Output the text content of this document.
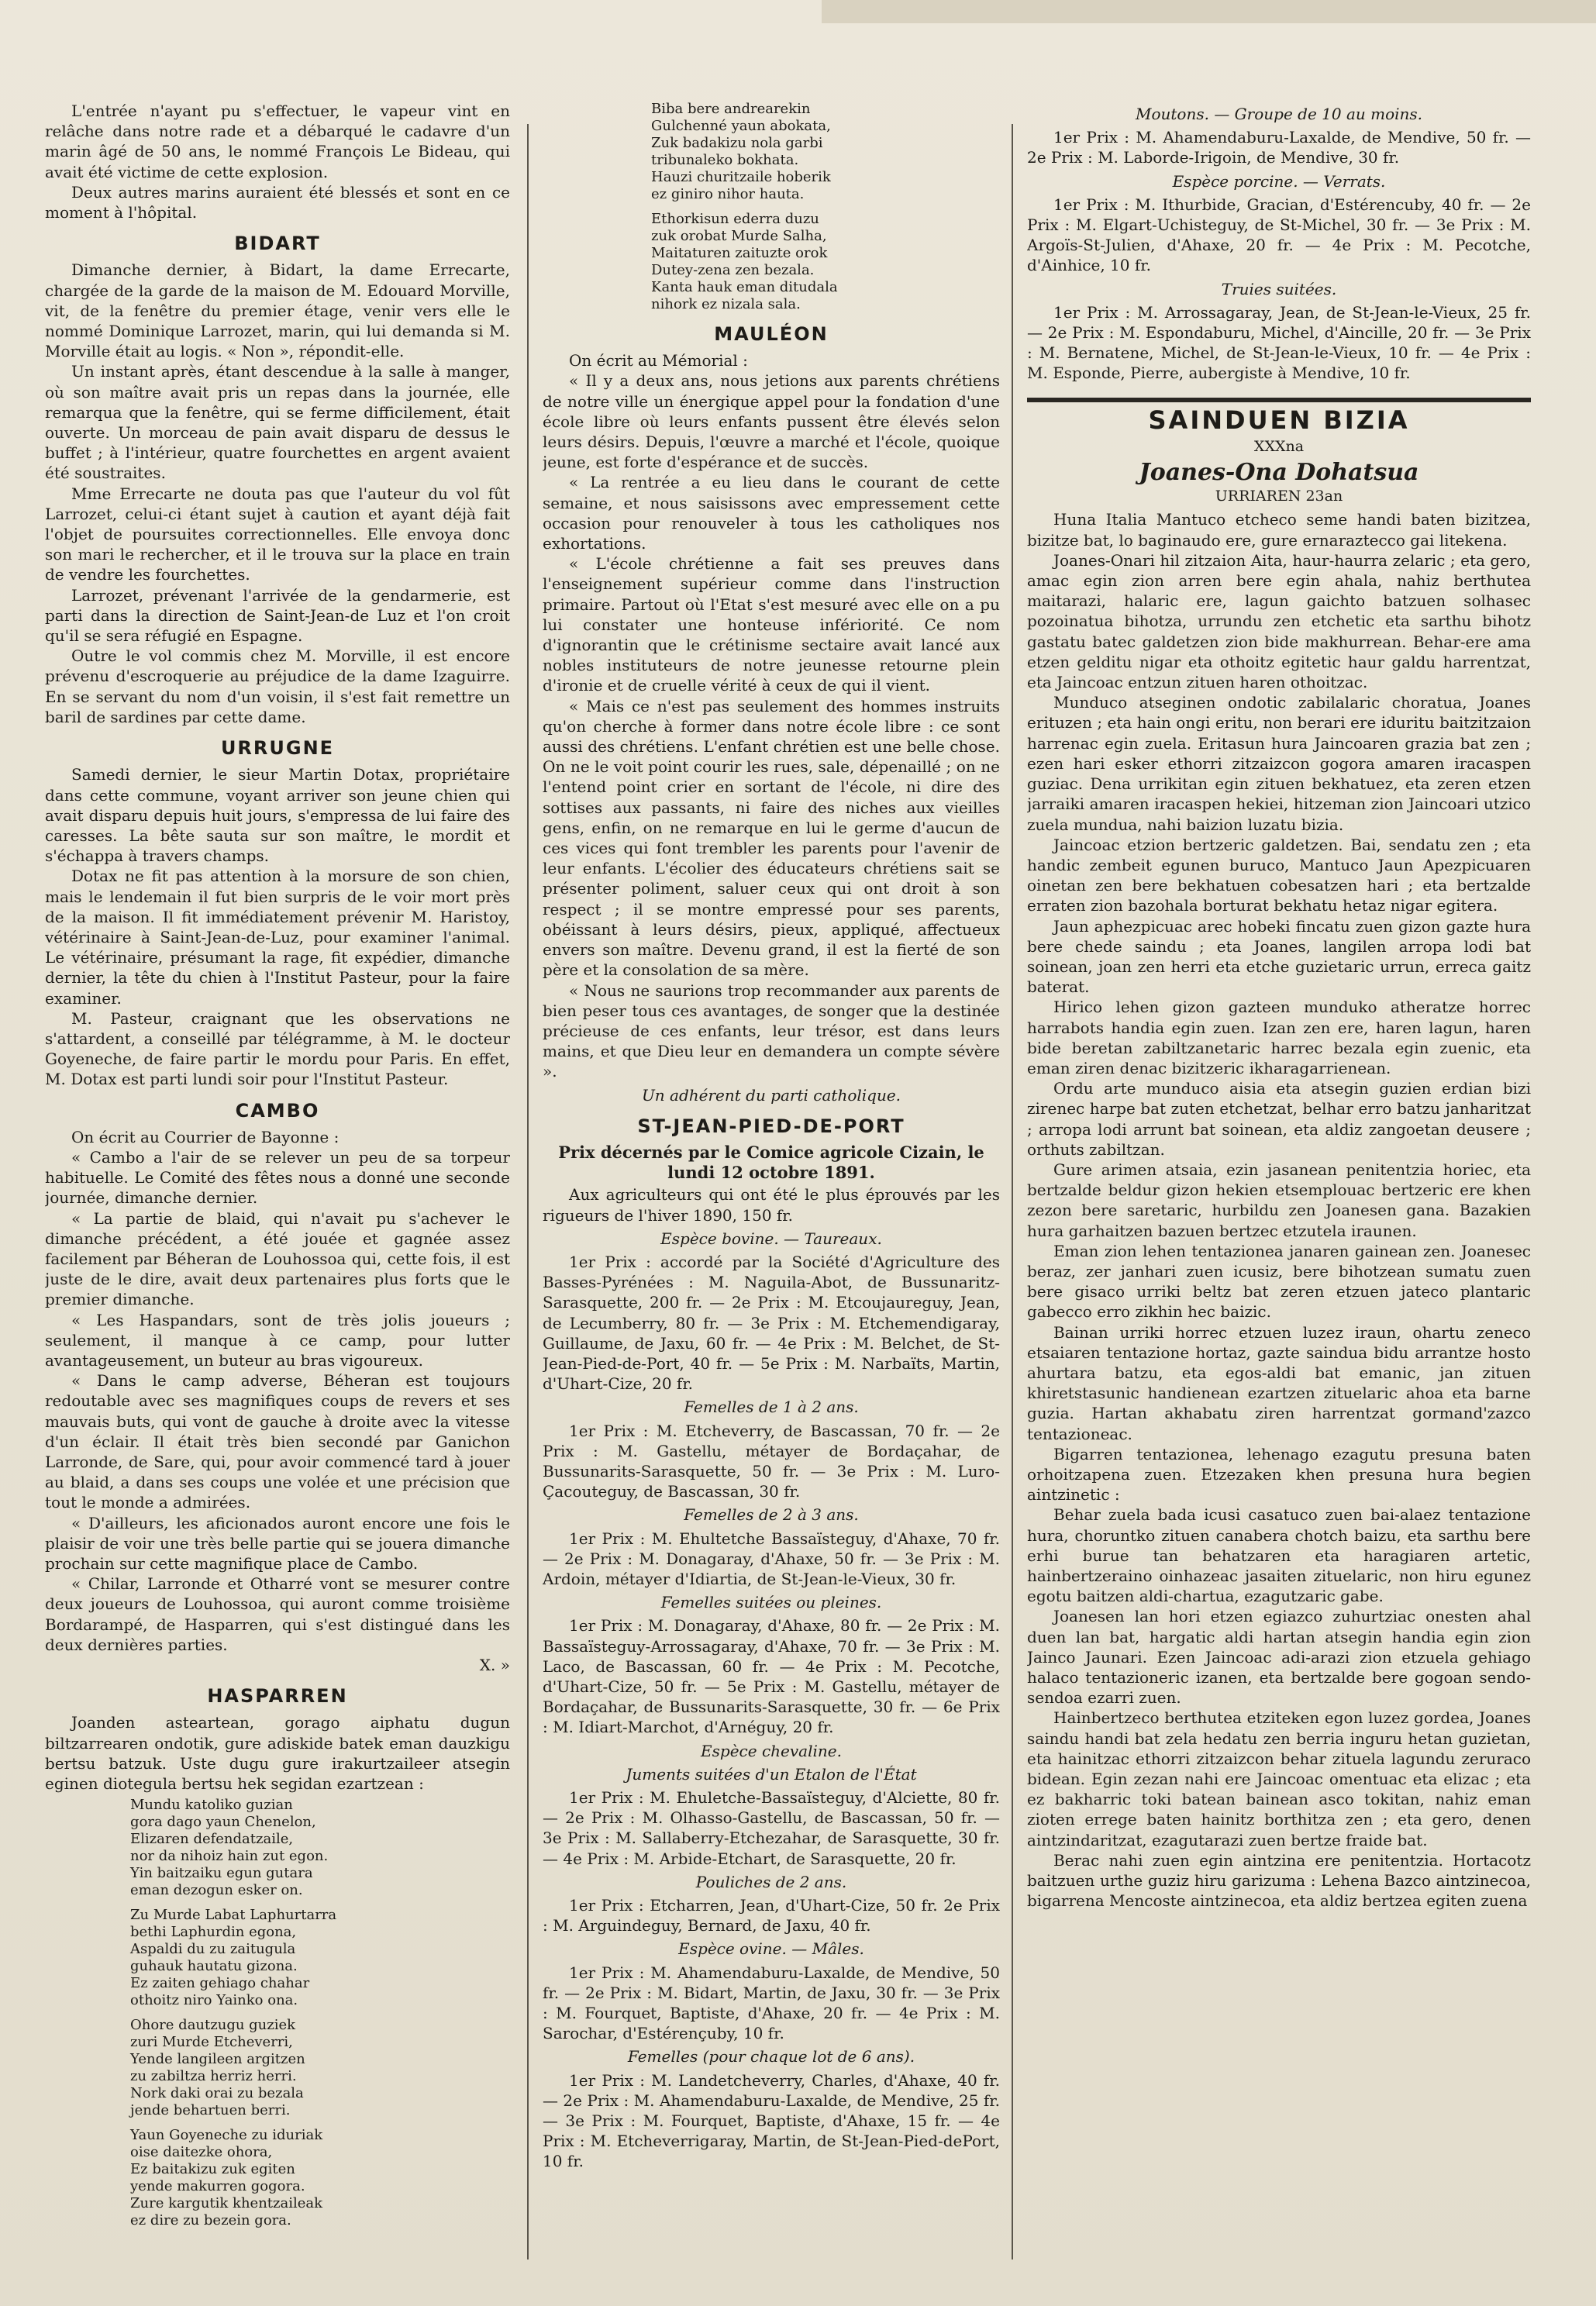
L'entrée n'ayant pu s'effectuer, le vapeur vint en relâche dans notre rade et a débarqué le cadavre d'un marin âgé de 50 ans, le nommé François Le Bideau, qui avait été victime de cette explosion.

Deux autres marins auraient été blessés et sont en ce moment à l'hôpital.

BIDART

Dimanche dernier, à Bidart, la dame Errecarte, chargée de la garde de la maison de M. Edouard Morville, vit, de la fenêtre du premier étage, venir vers elle le nommé Dominique Larrozet, marin, qui lui demanda si M. Morville était au logis. « Non », répondit-elle.

Un instant après, étant descendue à la salle à manger, où son maître avait pris un repas dans la journée, elle remarqua que la fenêtre, qui se ferme difficilement, était ouverte. Un morceau de pain avait disparu de dessus le buffet ; à l'intérieur, quatre fourchettes en argent avaient été soustraites.

Mme Errecarte ne douta pas que l'auteur du vol fût Larrozet, celui-ci étant sujet à caution et ayant déjà fait l'objet de poursuites correctionnelles. Elle envoya donc son mari le rechercher, et il le trouva sur la place en train de vendre les fourchettes.

Larrozet, prévenant l'arrivée de la gendarmerie, est parti dans la direction de Saint-Jean-de Luz et l'on croit qu'il se sera réfugié en Espagne.

Outre le vol commis chez M. Morville, il est encore prévenu d'escroquerie au préjudice de la dame Izaguirre. En se servant du nom d'un voisin, il s'est fait remettre un baril de sardines par cette dame.

URRUGNE

Samedi dernier, le sieur Martin Dotax, propriétaire dans cette commune, voyant arriver son jeune chien qui avait disparu depuis huit jours, s'empressa de lui faire des caresses. La bête sauta sur son maître, le mordit et s'échappa à travers champs.

Dotax ne fit pas attention à la morsure de son chien, mais le lendemain il fut bien surpris de le voir mort près de la maison. Il fit immédiatement prévenir M. Haristoy, vétérinaire à Saint-Jean-de-Luz, pour examiner l'animal. Le vétérinaire, présumant la rage, fit expédier, dimanche dernier, la tête du chien à l'Institut Pasteur, pour la faire examiner.

M. Pasteur, craignant que les observations ne s'attardent, a conseillé par télégramme, à M. le docteur Goyeneche, de faire partir le mordu pour Paris. En effet, M. Dotax est parti lundi soir pour l'Institut Pasteur.

CAMBO

On écrit au Courrier de Bayonne :

« Cambo a l'air de se relever un peu de sa torpeur habituelle. Le Comité des fêtes nous a donné une seconde journée, dimanche dernier.

« La partie de blaid, qui n'avait pu s'achever le dimanche précédent, a été jouée et gagnée assez facilement par Béheran de Louhossoa qui, cette fois, il est juste de le dire, avait deux partenaires plus forts que le premier dimanche.

« Les Haspandars, sont de très jolis joueurs ; seulement, il manque à ce camp, pour lutter avantageusement, un buteur au bras vigoureux.

« Dans le camp adverse, Béheran est toujours redoutable avec ses magnifiques coups de revers et ses mauvais buts, qui vont de gauche à droite avec la vitesse d'un éclair. Il était très bien secondé par Ganichon Larronde, de Sare, qui, pour avoir commencé tard à jouer au blaid, a dans ses coups une volée et une précision que tout le monde a admirées.

« D'ailleurs, les aficionados auront encore une fois le plaisir de voir une très belle partie qui se jouera dimanche prochain sur cette magnifique place de Cambo.

« Chilar, Larronde et Otharré vont se mesurer contre deux joueurs de Louhossoa, qui auront comme troisième Bordarampé, de Hasparren, qui s'est distingué dans les deux dernières parties.

X. »

HASPARREN

Joanden asteartean, gorago aiphatu dugun biltzarrearen ondotik, gure adiskide batek eman dauzkigu bertsu batzuk. Uste dugu gure irakurtzaileer atsegin eginen diotegula bertsu hek segidan ezartzean :

Mundu katoliko guzian
gora dago yaun Chenelon,
Elizaren defendatzaile,
nor da nihoiz hain zut egon.
Yin baitzaiku egun gutara
eman dezogun esker on.
Zu Murde Labat Laphurtarra
bethi Laphurdin egona,
Aspaldi du zu zaitugula
guhauk hautatu gizona.
Ez zaiten gehiago chahar
othoitz niro Yainko ona.
Ohore dautzugu guziek
zuri Murde Etcheverri,
Yende langileen argitzen
zu zabiltza herriz herri.
Nork daki orai zu bezala
jende behartuen berri.
Yaun Goyeneche zu iduriak
oise daitezke ohora,
Ez baitakizu zuk egiten
yende makurren gogora.
Zure kargutik khentzaileak
ez dire zu bezein gora.
Biba bere andrearekin
Gulchenné yaun abokata,
Zuk badakizu nola garbi
tribunaleko bokhata.
Hauzi churitzaile hoberik
ez giniro nihor hauta.
Ethorkisun ederra duzu
zuk orobat Murde Salha,
Maitaturen zaituzte orok
Dutey-zena zen bezala.
Kanta hauk eman ditudala
nihork ez nizala sala.
MAULÉON

On écrit au Mémorial :

« Il y a deux ans, nous jetions aux parents chrétiens de notre ville un énergique appel pour la fondation d'une école libre où leurs enfants pussent être élevés selon leurs désirs. Depuis, l'œuvre a marché et l'école, quoique jeune, est forte d'espérance et de succès.

« La rentrée a eu lieu dans le courant de cette semaine, et nous saisissons avec empressement cette occasion pour renouveler à tous les catholiques nos exhortations.

« L'école chrétienne a fait ses preuves dans l'enseignement supérieur comme dans l'instruction primaire. Partout où l'Etat s'est mesuré avec elle on a pu lui constater une honteuse infériorité. Ce nom d'ignorantin que le crétinisme sectaire avait lancé aux nobles instituteurs de notre jeunesse retourne plein d'ironie et de cruelle vérité à ceux de qui il vient.

« Mais ce n'est pas seulement des hommes instruits qu'on cherche à former dans notre école libre : ce sont aussi des chrétiens. L'enfant chrétien est une belle chose. On ne le voit point courir les rues, sale, dépenaillé ; on ne l'entend point crier en sortant de l'école, ni dire des sottises aux passants, ni faire des niches aux vieilles gens, enfin, on ne remarque en lui le germe d'aucun de ces vices qui font trembler les parents pour l'avenir de leur enfants. L'écolier des éducateurs chrétiens sait se présenter poliment, saluer ceux qui ont droit à son respect ; il se montre empressé pour ses parents, obéissant à leurs désirs, pieux, appliqué, affectueux envers son maître. Devenu grand, il est la fierté de son père et la consolation de sa mère.

« Nous ne saurions trop recommander aux parents de bien peser tous ces avantages, de songer que la destinée précieuse de ces enfants, leur trésor, est dans leurs mains, et que Dieu leur en demandera un compte sévère ».

Un adhérent du parti catholique.
ST-JEAN-PIED-DE-PORT
Prix décernés par le Comice agricole Cizain, le lundi 12 octobre 1891.

Aux agriculteurs qui ont été le plus éprouvés par les rigueurs de l'hiver 1890, 150 fr.

Espèce bovine. — Taureaux.

1er Prix : accordé par la Société d'Agriculture des Basses-Pyrénées : M. Naguila-Abot, de Bussunaritz-Sarasquette, 200 fr. — 2e Prix : M. Etcoujaureguy, Jean, de Lecumberry, 80 fr. — 3e Prix : M. Etchemendigaray, Guillaume, de Jaxu, 60 fr. — 4e Prix : M. Belchet, de St-Jean-Pied-de-Port, 40 fr. — 5e Prix : M. Narbaïts, Martin, d'Uhart-Cize, 20 fr.

Femelles de 1 à 2 ans.

1er Prix : M. Etcheverry, de Bascassan, 70 fr. — 2e Prix : M. Gastellu, métayer de Bordaçahar, de Bussunarits-Sarasquette, 50 fr. — 3e Prix : M. Luro-Çacouteguy, de Bascassan, 30 fr.

Femelles de 2 à 3 ans.

1er Prix : M. Ehultetche Bassaïsteguy, d'Ahaxe, 70 fr. — 2e Prix : M. Donagaray, d'Ahaxe, 50 fr. — 3e Prix : M. Ardoin, métayer d'Idiartia, de St-Jean-le-Vieux, 30 fr.

Femelles suitées ou pleines.

1er Prix : M. Donagaray, d'Ahaxe, 80 fr. — 2e Prix : M. Bassaïsteguy-Arrossagaray, d'Ahaxe, 70 fr. — 3e Prix : M. Laco, de Bascassan, 60 fr. — 4e Prix : M. Pecotche, d'Uhart-Cize, 50 fr. — 5e Prix : M. Gastellu, métayer de Bordaçahar, de Bussunarits-Sarasquette, 30 fr. — 6e Prix : M. Idiart-Marchot, d'Arnéguy, 20 fr.

Espèce chevaline.
Juments suitées d'un Etalon de l'État

1er Prix : M. Ehuletche-Bassaïsteguy, d'Alciette, 80 fr. — 2e Prix : M. Olhasso-Gastellu, de Bascassan, 50 fr. — 3e Prix : M. Sallaberry-Etchezahar, de Sarasquette, 30 fr. — 4e Prix : M. Arbide-Etchart, de Sarasquette, 20 fr.

Pouliches de 2 ans.

1er Prix : Etcharren, Jean, d'Uhart-Cize, 50 fr. 2e Prix : M. Arguindeguy, Bernard, de Jaxu, 40 fr.

Espèce ovine. — Mâles.

1er Prix : M. Ahamendaburu-Laxalde, de Mendive, 50 fr. — 2e Prix : M. Bidart, Martin, de Jaxu, 30 fr. — 3e Prix : M. Fourquet, Baptiste, d'Ahaxe, 20 fr. — 4e Prix : M. Sarochar, d'Estérençuby, 10 fr.

Femelles (pour chaque lot de 6 ans).

1er Prix : M. Landetcheverry, Charles, d'Ahaxe, 40 fr. — 2e Prix : M. Ahamendaburu-Laxalde, de Mendive, 25 fr. — 3e Prix : M. Fourquet, Baptiste, d'Ahaxe, 15 fr. — 4e Prix : M. Etcheverrigaray, Martin, de St-Jean-Pied-dePort, 10 fr.

Moutons. — Groupe de 10 au moins.

1er Prix : M. Ahamendaburu-Laxalde, de Mendive, 50 fr. — 2e Prix : M. Laborde-Irigoin, de Mendive, 30 fr.

Espèce porcine. — Verrats.

1er Prix : M. Ithurbide, Gracian, d'Estérencuby, 40 fr. — 2e Prix : M. Elgart-Uchisteguy, de St-Michel, 30 fr. — 3e Prix : M. Argoïs-St-Julien, d'Ahaxe, 20 fr. — 4e Prix : M. Pecotche, d'Ainhice, 10 fr.

Truies suitées.

1er Prix : M. Arrossagaray, Jean, de St-Jean-le-Vieux, 25 fr. — 2e Prix : M. Espondaburu, Michel, d'Aincille, 20 fr. — 3e Prix : M. Bernatene, Michel, de St-Jean-le-Vieux, 10 fr. — 4e Prix : M. Esponde, Pierre, aubergiste à Mendive, 10 fr.

SAINDUEN BIZIA
XXXna
Joanes-Ona Dohatsua
URRIAREN 23an

Huna Italia Mantuco etcheco seme handi baten bizitzea, bizitze bat, lo baginaudo ere, gure ernaraztecco gai litekena.

Joanes-Onari hil zitzaion Aita, haur-haurra zelaric ; eta gero, amac egin zion arren bere egin ahala, nahiz berthutea maitarazi, halaric ere, lagun gaichto batzuen solhasec pozoinatua bihotza, urrundu zen etchetic eta sarthu bihotz gastatu batec galdetzen zion bide makhurrean. Behar-ere ama etzen gelditu nigar eta othoitz egitetic haur galdu harrentzat, eta Jaincoac entzun zituen haren othoitzac.

Munduco atseginen ondotic zabilalaric choratua, Joanes erituzen ; eta hain ongi eritu, non berari ere iduritu baitzitzaion harrenac egin zuela. Eritasun hura Jaincoaren grazia bat zen ; ezen hari esker ethorri zitzaizcon gogora amaren iracaspen guziac. Dena urrikitan egin zituen bekhatuez, eta zeren etzen jarraiki amaren iracaspen hekiei, hitzeman zion Jaincoari utzico zuela mundua, nahi baizion luzatu bizia.

Jaincoac etzion bertzeric galdetzen. Bai, sendatu zen ; eta handic zembeit egunen buruco, Mantuco Jaun Apezpicuaren oinetan zen bere bekhatuen cobesatzen hari ; eta bertzalde erraten zion bazohala borturat bekhatu hetaz nigar egitera.

Jaun aphezpicuac arec hobeki fincatu zuen gizon gazte hura bere chede saindu ; eta Joanes, langilen arropa lodi bat soinean, joan zen herri eta etche guzietaric urrun, erreca gaitz baterat.

Hirico lehen gizon gazteen munduko atheratze horrec harrabots handia egin zuen. Izan zen ere, haren lagun, haren bide beretan zabiltzanetaric harrec bezala egin zuenic, eta eman ziren denac bizitzeric ikharagarrienean.

Ordu arte munduco aisia eta atsegin guzien erdian bizi zirenec harpe bat zuten etchetzat, belhar erro batzu janharitzat ; arropa lodi arrunt bat soinean, eta aldiz zangoetan deusere ; orthuts zabiltzan.

Gure arimen atsaia, ezin jasanean penitentzia horiec, eta bertzalde beldur gizon hekien etsemplouac bertzeric ere khen zezon bere saretaric, hurbildu zen Joanesen gana. Bazakien hura garhaitzen bazuen bertzec etzutela iraunen.

Eman zion lehen tentazionea janaren gainean zen. Joanesec beraz, zer janhari zuen icusiz, bere bihotzean sumatu zuen bere gisaco urriki beltz bat zeren etzuen jateco plantaric gabecco erro zikhin hec baizic.

Bainan urriki horrec etzuen luzez iraun, ohartu zeneco etsaiaren tentazione hortaz, gazte saindua bidu arrantze hosto ahurtara batzu, eta egos-aldi bat emanic, jan zituen khiretstasunic handienean ezartzen zituelaric ahoa eta barne guzia. Hartan akhabatu ziren harrentzat gormand'zazco tentazioneac.

Bigarren tentazionea, lehenago ezagutu presuna baten orhoitzapena zuen. Etzezaken khen presuna hura begien aintzinetic :

Behar zuela bada icusi casatuco zuen bai-alaez tentazione hura, choruntko zituen canabera chotch baizu, eta sarthu bere erhi burue tan behatzaren eta haragiaren artetic, hainbertzeraino oinhazeac jasaiten zituelaric, non hiru egunez egotu baitzen aldi-chartua, ezagutzaric gabe.

Joanesen lan hori etzen egiazco zuhurtziac onesten ahal duen lan bat, hargatic aldi hartan atsegin handia egin zion Jainco Jaunari. Ezen Jaincoac adi-arazi zion etzuela gehiago halaco tentazioneric izanen, eta bertzalde bere gogoan sendo-sendoa ezarri zuen.

Hainbertzeco berthutea etziteken egon luzez gordea, Joanes saindu handi bat zela hedatu zen berria inguru hetan guzietan, eta hainitzac ethorri zitzaizcon behar zituela lagundu zeruraco bidean. Egin zezan nahi ere Jaincoac omentuac eta elizac ; eta ez bakharric toki batean bainean asco tokitan, nahiz eman zioten errege baten hainitz borthitza zen ; eta gero, denen aintzindaritzat, ezagutarazi zuen bertze fraide bat.

Berac nahi zuen egin aintzina ere penitentzia. Hortacotz baitzuen urthe guziz hiru garizuma : Lehena Bazco aintzinecoa, bigarrena Mencoste aintzinecoa, eta aldiz bertzea egiten zuena
